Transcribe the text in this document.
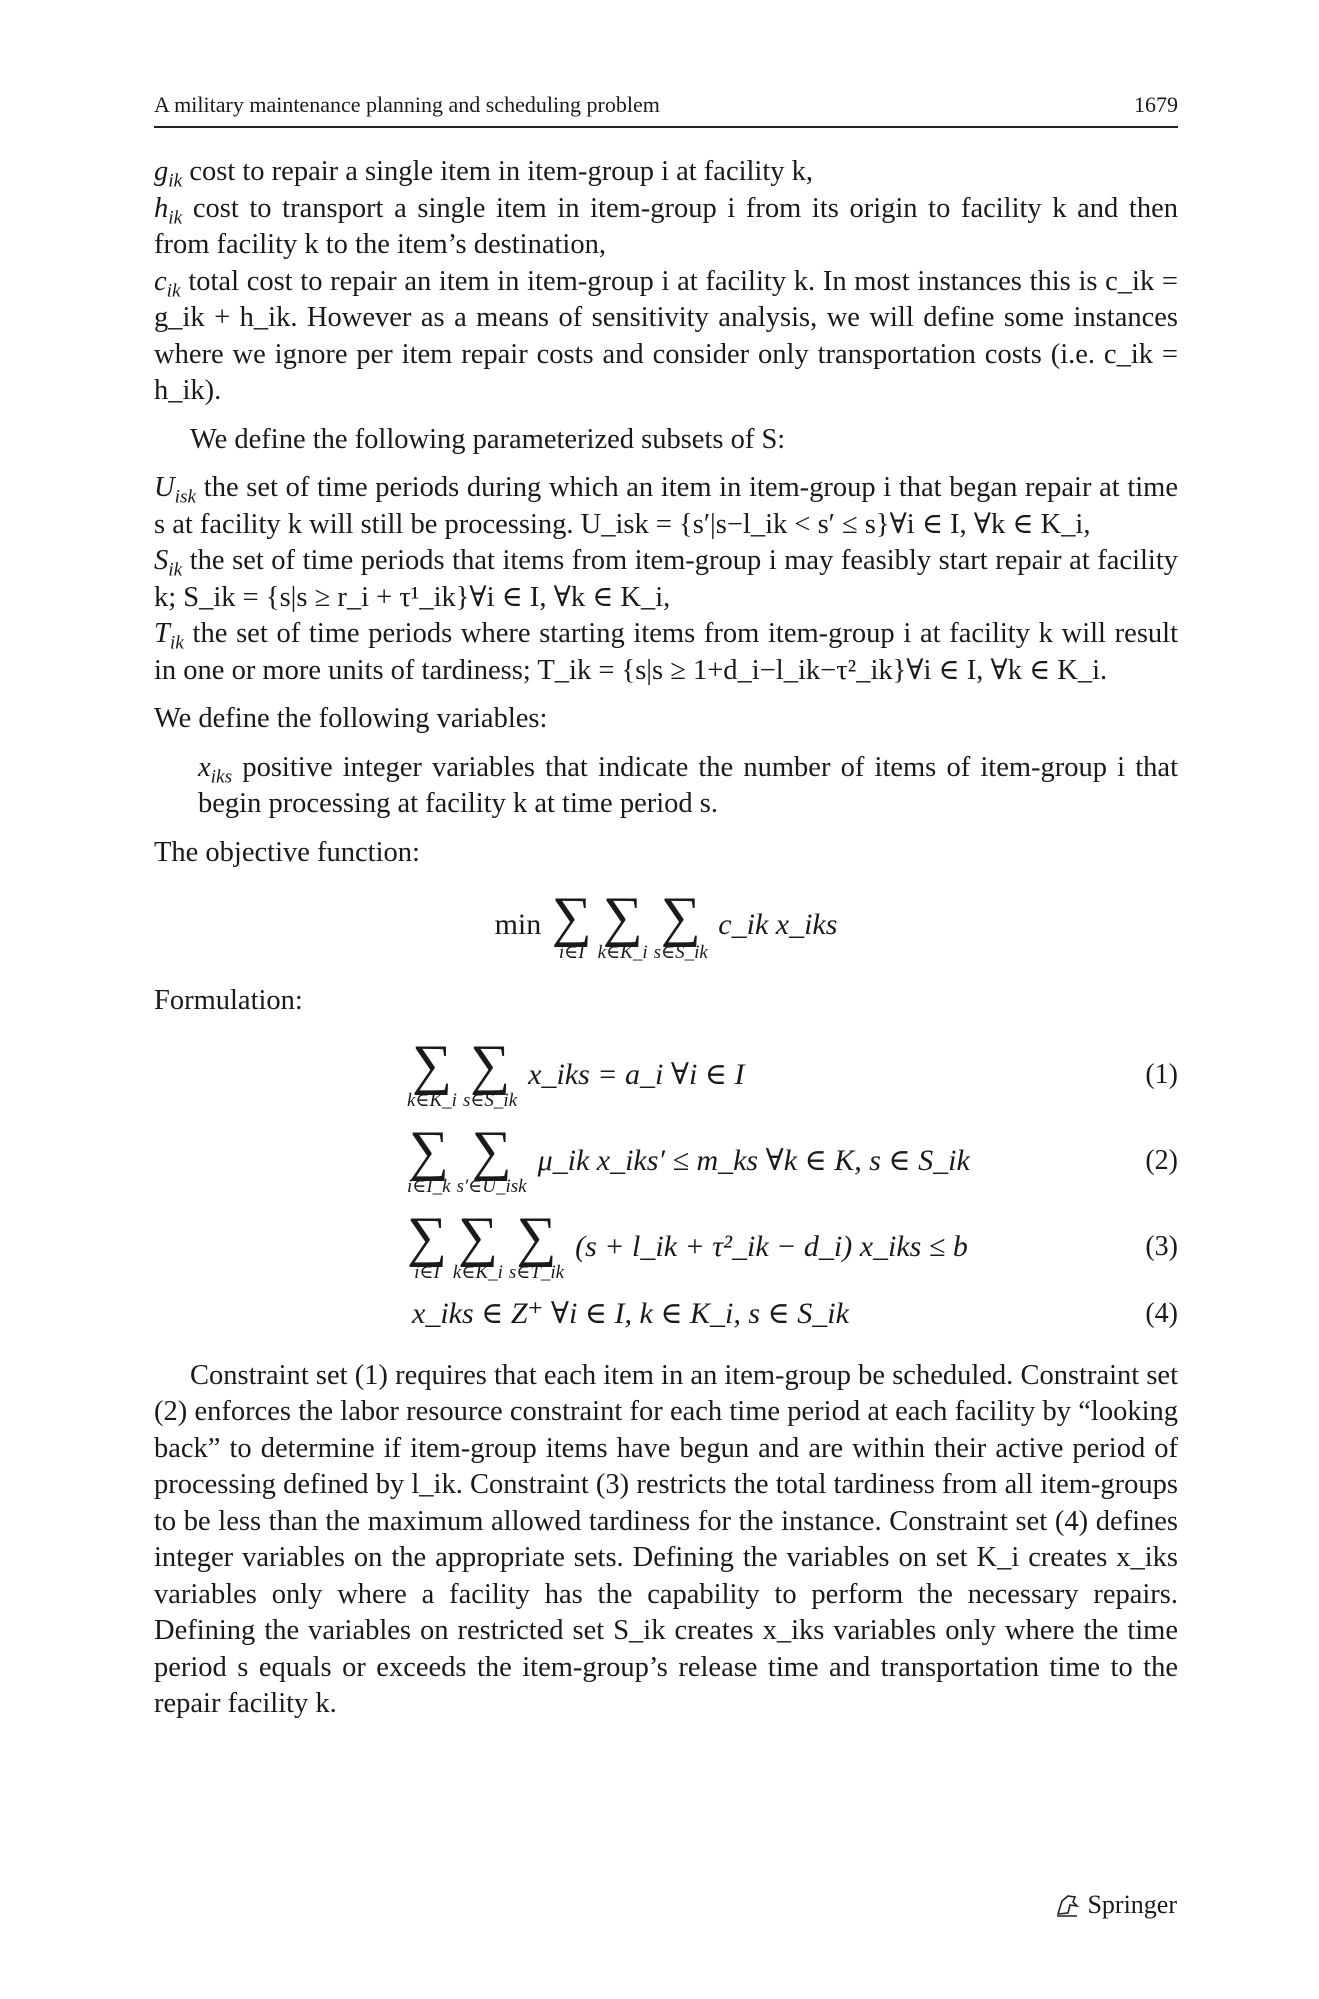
A military maintenance planning and scheduling problem	1679

$g_{ik}$ cost to repair a single item in item-group i at facility k,

$h_{ik}$ cost to transport a single item in item-group i from its origin to facility k and then from facility k to the item’s destination,

$c_{ik}$ total cost to repair an item in item-group i at facility k. In most instances this is c_ik = g_ik + h_ik. However as a means of sensitivity analysis, we will define some instances where we ignore per item repair costs and consider only transportation costs (i.e. c_ik = h_ik).

We define the following parameterized subsets of S:

$U_{isk}$ the set of time periods during which an item in item-group i that began repair at time s at facility k will still be processing. U_isk = {s′|s−l_ik < s′ ≤ s}∀i ∈ I, ∀k ∈ K_i,

$S_{ik}$ the set of time periods that items from item-group i may feasibly start repair at facility k; S_ik = {s|s ≥ r_i + τ¹_ik}∀i ∈ I, ∀k ∈ K_i,

$T_{ik}$ the set of time periods where starting items from item-group i at facility k will result in one or more units of tardiness; T_ik = {s|s ≥ 1+d_i−l_ik−τ²_ik}∀i ∈ I, ∀k ∈ K_i.

We define the following variables:

$x_{iks}$ positive integer variables that indicate the number of items of item-group i that begin processing at facility k at time period s.

The objective function:

min ∑
i∈I
∑
k∈K_i
∑
s∈S_ik
c_ik x_iks

Formulation:

∑
k∈K_i
∑
s∈S_ik
x_iks = a_i ∀i ∈ I	(1)
∑
i∈I_k
∑
s′∈U_isk
μ_ik x_iks′ ≤ m_ks ∀k ∈ K, s ∈ S_ik	(2)
∑
i∈I
∑
k∈K_i
∑
s∈T_ik
(s + l_ik + τ²_ik − d_i) x_iks ≤ b	(3)
x_iks ∈ Z⁺ ∀i ∈ I, k ∈ K_i, s ∈ S_ik	(4)

Constraint set (1) requires that each item in an item-group be scheduled. Constraint set (2) enforces the labor resource constraint for each time period at each facility by “looking back” to determine if item-group items have begun and are within their active period of processing defined by l_ik. Constraint (3) restricts the total tardiness from all item-groups to be less than the maximum allowed tardiness for the instance. Constraint set (4) defines integer variables on the appropriate sets. Defining the variables on set K_i creates x_iks variables only where a facility has the capability to perform the necessary repairs. Defining the variables on restricted set S_ik creates x_iks variables only where the time period s equals or exceeds the item-group’s release time and transportation time to the repair facility k.

Springer
